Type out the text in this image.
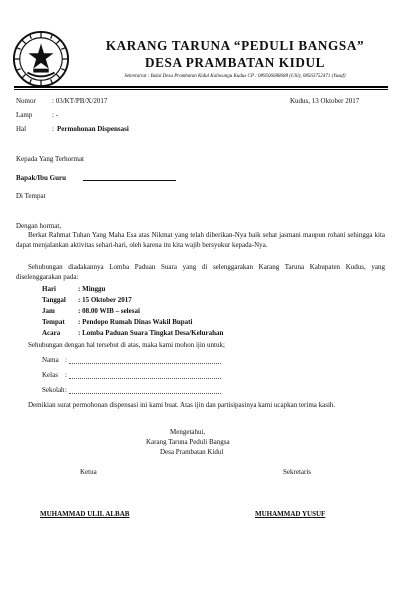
KARANG TARUNA “PEDULI BANGSA”
DESA PRAMBATAN KIDUL
Sekretariat : Balai Desa Prambatan Kidul Kaliwungu Kudus CP : 089506688688 (Ulil), 08563752471 (Yusuf)
Nomor : 03/KT/PB/X/2017	Kudus, 13 Oktober 2017
Lamp	: -
Hal	: Permohonan Dispensasi
Kepada Yang Terhormat
Bapak/Ibu Guru
Di Tempat
Dengan hormat,
Berkat Rahmat Tuhan Yang Maha Esa atas Nikmat yang telah diberikan-Nya baik sehat jasmani maupun rohani sehingga kita dapat menjalankan aktivitas sehari-hari, oleh karena itu kita wajib bersyukur kepada-Nya.
Sehubungan diadakannya Lomba Paduan Suara yang di selenggarakan Karang Taruna Kabupaten Kudus, yang diselenggarakan pada:
Hari	: Minggu
Tanggal : 15 Oktober 2017
Jam	: 08.00 WIB – selesai
Tempat : Pendopo Rumah Dinas Wakil Bupati
Acara	: Lomba Paduan Suara Tingkat Desa/Kelurahan
Sehubungan dengan hal tersebut di atas, maka kami mohon ijin untuk;
Nama :
Kelas :
Sekolah :
Demikian surat permohonan dispensasi ini kami buat. Atas ijin dan partisipasinya kami ucapkan terima kasih.
Mengetahui,
Karang Taruna Peduli Bangsa
Desa Prambatan Kidul
Ketua	Sekretaris
MUHAMMAD ULIL ALBAB	MUHAMMAD YUSUF
